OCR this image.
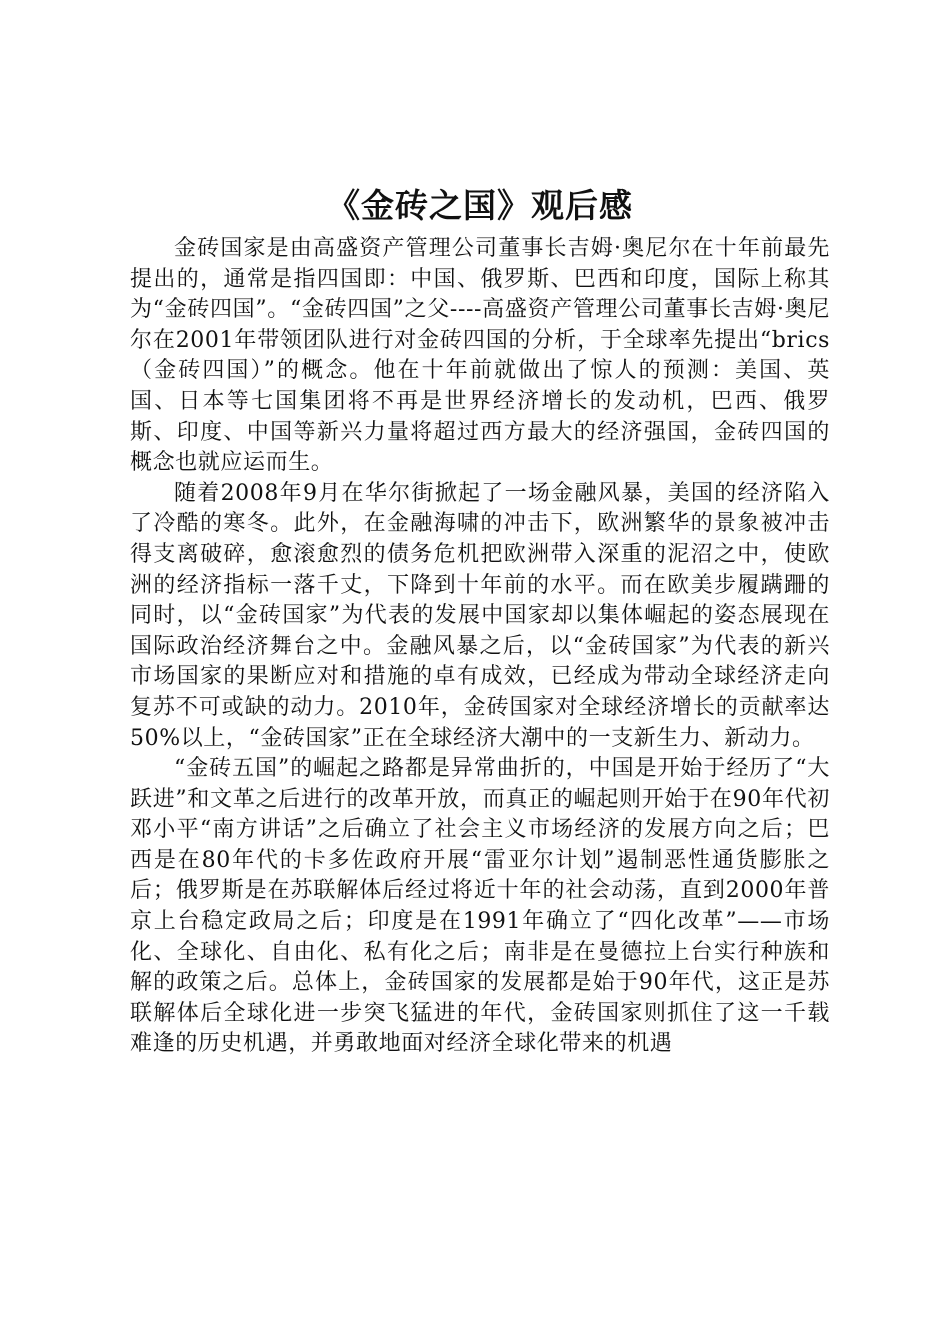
《金砖之国》观后感

金砖国家是由高盛资产管理公司董事长吉姆·奥尼尔在十年前最先提出的，通常是指四国即：中国、俄罗斯、巴西和印度，国际上称其为“金砖四国”。“金砖四国”之父----高盛资产管理公司董事长吉姆·奥尼尔在2001年带领团队进行对金砖四国的分析，于全球率先提出“brics（金砖四国）”的概念。他在十年前就做出了惊人的预测：美国、英国、日本等七国集团将不再是世界经济增长的发动机，巴西、俄罗斯、印度、中国等新兴力量将超过西方最大的经济强国，金砖四国的概念也就应运而生。

随着2008年9月在华尔街掀起了一场金融风暴，美国的经济陷入了冷酷的寒冬。此外，在金融海啸的冲击下，欧洲繁华的景象被冲击得支离破碎，愈滚愈烈的债务危机把欧洲带入深重的泥沼之中，使欧洲的经济指标一落千丈，下降到十年前的水平。而在欧美步履蹒跚的同时，以“金砖国家”为代表的发展中国家却以集体崛起的姿态展现在国际政治经济舞台之中。金融风暴之后，以“金砖国家”为代表的新兴市场国家的果断应对和措施的卓有成效，已经成为带动全球经济走向复苏不可或缺的动力。2010年，金砖国家对全球经济增长的贡献率达50%以上，“金砖国家”正在全球经济大潮中的一支新生力、新动力。

“金砖五国”的崛起之路都是异常曲折的，中国是开始于经历了“大跃进”和文革之后进行的改革开放，而真正的崛起则开始于在90年代初邓小平“南方讲话”之后确立了社会主义市场经济的发展方向之后；巴西是在80年代的卡多佐政府开展“雷亚尔计划”遏制恶性通货膨胀之后；俄罗斯是在苏联解体后经过将近十年的社会动荡，直到2000年普京上台稳定政局之后；印度是在1991年确立了“四化改革”——市场化、全球化、自由化、私有化之后；南非是在曼德拉上台实行种族和解的政策之后。总体上，金砖国家的发展都是始于90年代，这正是苏联解体后全球化进一步突飞猛进的年代，金砖国家则抓住了这一千载难逢的历史机遇，并勇敢地面对经济全球化带来的机遇
